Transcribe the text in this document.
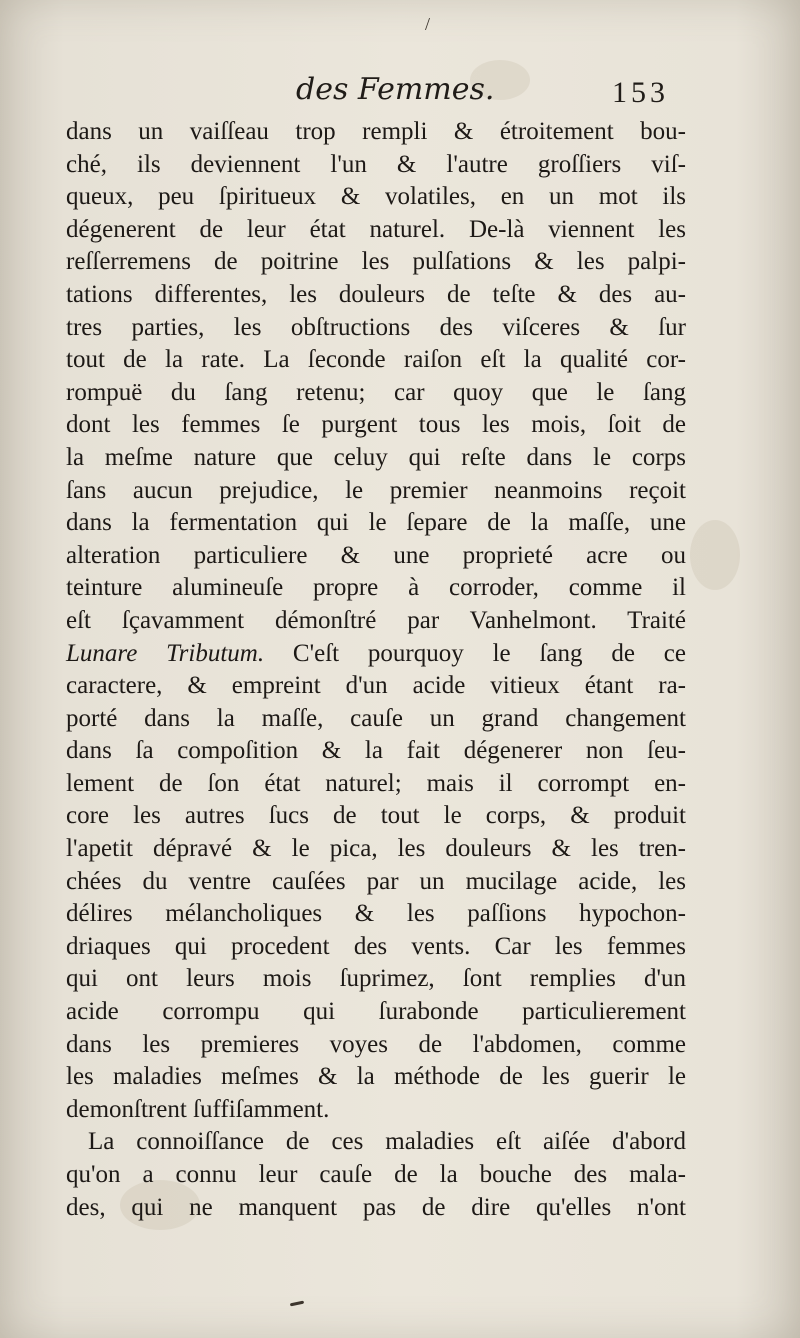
/
des Femmes.	153
dans un vaiſſeau trop rempli & étroitement bou-
ché, ils deviennent l'un & l'autre groſſiers viſ-
queux, peu ſpiritueux & volatiles, en un mot ils
dégenerent de leur état naturel. De-là viennent les
reſſerremens de poitrine les pulſations & les palpi-
tations differentes, les douleurs de teſte & des au-
tres parties, les obſtructions des viſceres & ſur
tout de la rate. La ſeconde raiſon eſt la qualité cor-
rompuë du ſang retenu; car quoy que le ſang
dont les femmes ſe purgent tous les mois, ſoit de
la meſme nature que celuy qui reſte dans le corps
ſans aucun prejudice, le premier neanmoins reçoit
dans la fermentation qui le ſepare de la maſſe, une
alteration particuliere & une proprieté acre ou
teinture alumineuſe propre à corroder, comme il
eſt ſçavamment démonſtré par Vanhelmont. Traité
Lunare Tributum. C'eſt pourquoy le ſang de ce
caractere, & empreint d'un acide vitieux étant ra-
porté dans la maſſe, cauſe un grand changement
dans ſa compoſition & la fait dégenerer non ſeu-
lement de ſon état naturel; mais il corrompt en-
core les autres ſucs de tout le corps, & produit
l'apetit dépravé & le pica, les douleurs & les tren-
chées du ventre cauſées par un mucilage acide, les
délires mélancholiques & les paſſions hypochon-
driaques qui procedent des vents. Car les femmes
qui ont leurs mois ſuprimez, ſont remplies d'un
acide corrompu qui ſurabonde particulierement
dans les premieres voyes de l'abdomen, comme
les maladies meſmes & la méthode de les guerir le
demonſtrent ſuffiſamment.
La connoiſſance de ces maladies eſt aiſée d'abord
qu'on a connu leur cauſe de la bouche des mala-
des, qui ne manquent pas de dire qu'elles n'ont
